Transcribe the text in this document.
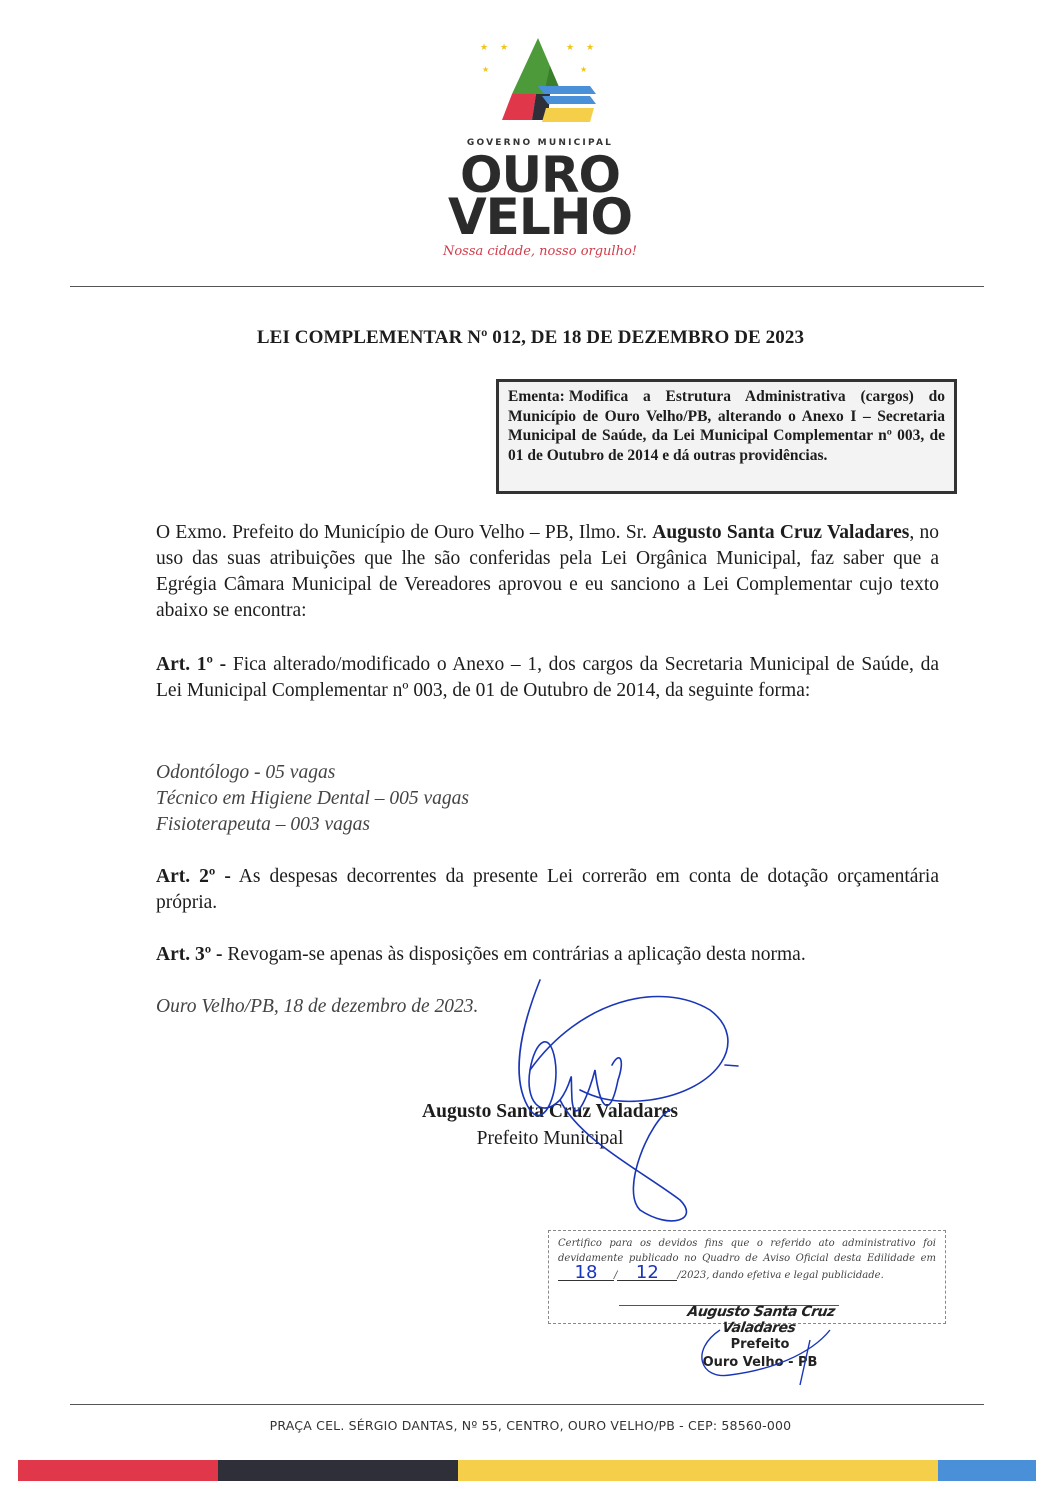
★ ★	★ ★
★	★
GOVERNO MUNICIPAL
OURO
VELHO
Nossa cidade, nosso orgulho!
LEI COMPLEMENTAR Nº 012, DE 18 DE DEZEMBRO DE 2023
Ementa: Modifica a Estrutura Administrativa (cargos) do Município de Ouro Velho/PB, alterando o Anexo I – Secretaria Municipal de Saúde, da Lei Municipal Complementar nº 003, de 01 de Outubro de 2014 e dá outras providências.
O Exmo. Prefeito do Município de Ouro Velho – PB, Ilmo. Sr. Augusto Santa Cruz Valadares, no uso das suas atribuições que lhe são conferidas pela Lei Orgânica Municipal, faz saber que a Egrégia Câmara Municipal de Vereadores aprovou e eu sanciono a Lei Complementar cujo texto abaixo se encontra:
Art. 1º - Fica alterado/modificado o Anexo – 1, dos cargos da Secretaria Municipal de Saúde, da Lei Municipal Complementar nº 003, de 01 de Outubro de 2014, da seguinte forma:
Odontólogo - 05 vagas
Técnico em Higiene Dental – 005 vagas
Fisioterapeuta – 003 vagas
Art. 2º - As despesas decorrentes da presente Lei correrão em conta de dotação orçamentária própria.
Art. 3º - Revogam-se apenas às disposições em contrárias a aplicação desta norma.
Ouro Velho/PB, 18 de dezembro de 2023.
Augusto Santa Cruz Valadares
Prefeito Municipal
Certifico para os devidos fins que o referido ato administrativo foi devidamente publicado no Quadro de Aviso Oficial desta Edilidade em 18 / 12 /2023, dando efetiva e legal publicidade.
Augusto Santa Cruz Valadares
Prefeito
Ouro Velho - PB
PRAÇA CEL. SÉRGIO DANTAS, Nº 55, CENTRO, OURO VELHO/PB - CEP: 58560-000
